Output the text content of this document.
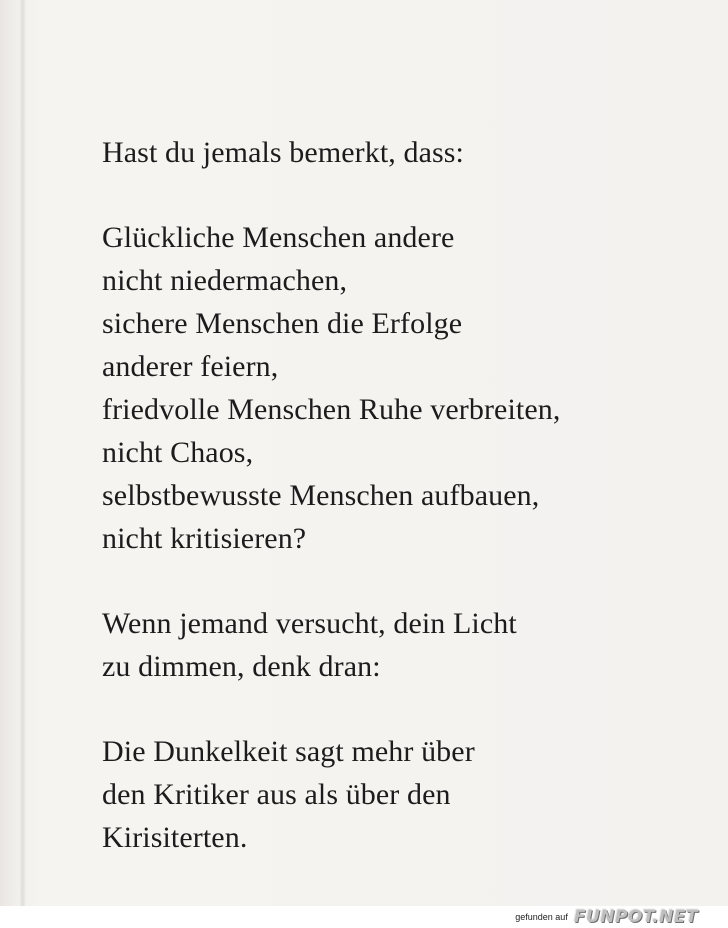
Hast du jemals bemerkt, dass:
Glückliche Menschen andere
nicht niedermachen,
sichere Menschen die Erfolge
anderer feiern,
friedvolle Menschen Ruhe verbreiten,
nicht Chaos,
selbstbewusste Menschen aufbauen,
nicht kritisieren?
Wenn jemand versucht, dein Licht
zu dimmen, denk dran:
Die Dunkelkeit sagt mehr über
den Kritiker aus als über den
Kirisiterten.
gefunden auf FUNPOT.NET
